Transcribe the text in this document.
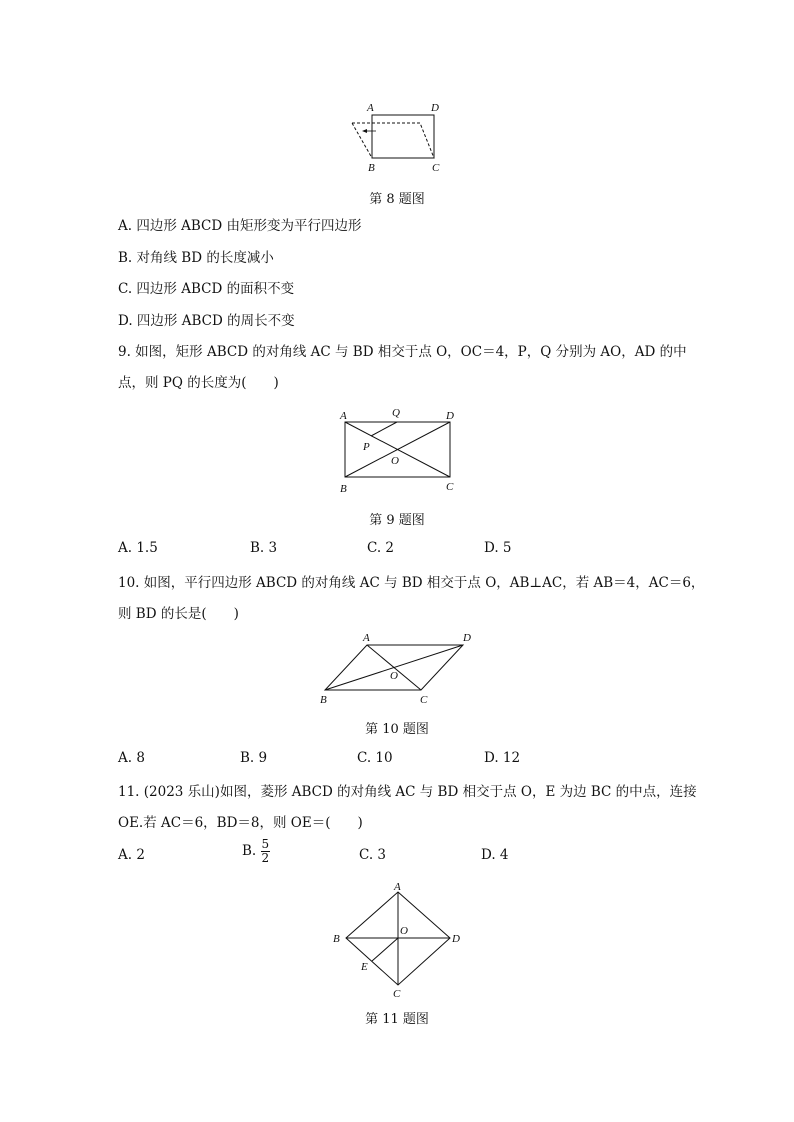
A	D
B	C
第 8 题图
A. 四边形 ABCD 由矩形变为平行四边形
B. 对角线 BD 的长度减小
C. 四边形 ABCD 的面积不变
D. 四边形 ABCD 的周长不变
9. 如图，矩形 ABCD 的对角线 AC 与 BD 相交于点 O，OC＝4，P，Q 分别为 AO，AD 的中
点，则 PQ 的长度为(　　)
A	Q	D
P
O
B	C
第 9 题图
A. 1.5	B. 3	C. 2	D. 5
10. 如图，平行四边形 ABCD 的对角线 AC 与 BD 相交于点 O，AB⊥AC，若 AB＝4，AC＝6，
则 BD 的长是(　　)
A	D
O
B	C
第 10 题图
A. 8	B. 9	C. 10	D. 12
11. (2023 乐山)如图，菱形 ABCD 的对角线 AC 与 BD 相交于点 O，E 为边 BC 的中点，连接
OE.若 AC＝6，BD＝8，则 OE＝(　　)
A. 2	B. $\frac{5}{2}$	C. 3	D. 4
A
B
O
D
E
C
第 11 题图
